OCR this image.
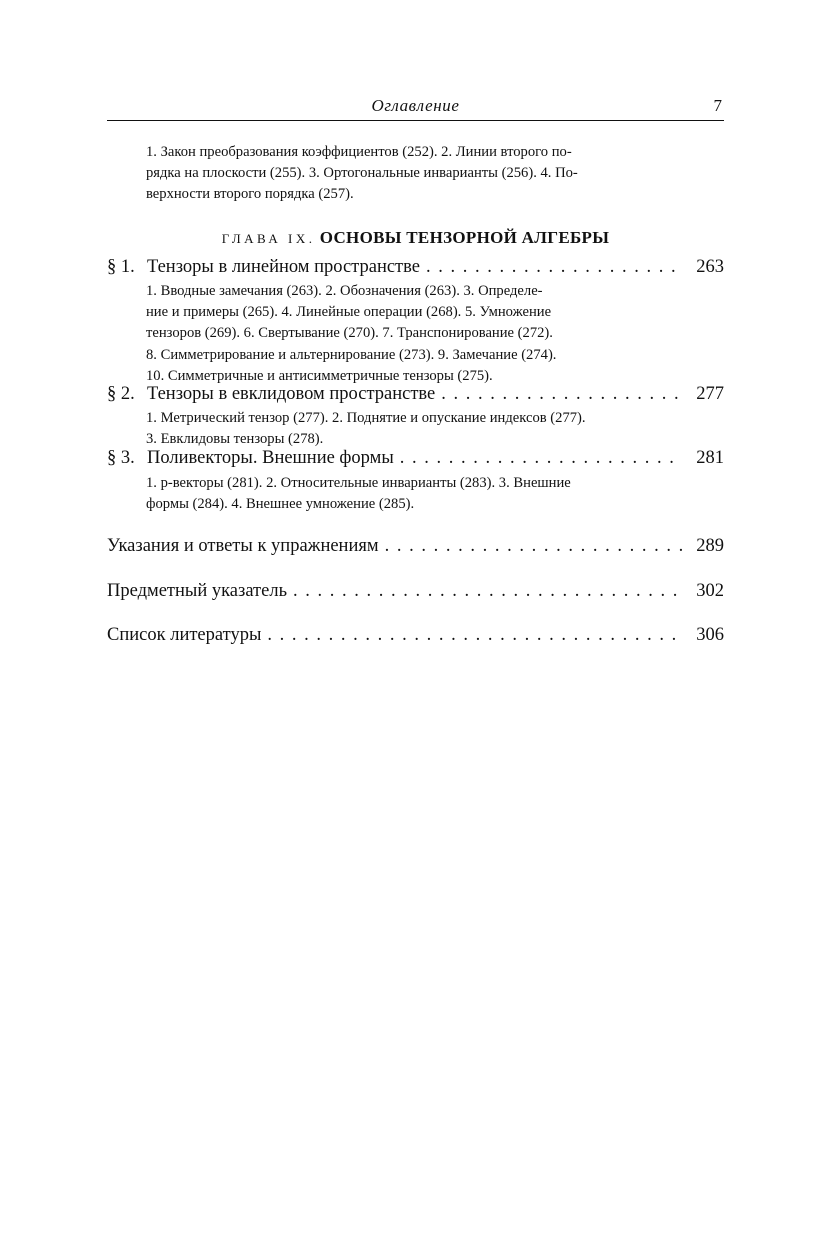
Оглавление	7
1. Закон преобразования коэффициентов (252). 2. Линии второго по-
рядка на плоскости (255). 3. Ортогональные инварианты (256). 4. По-
верхности второго порядка (257).
ГЛАВА IX. ОСНОВЫ ТЕНЗОРНОЙ АЛГЕБРЫ
§ 1. Тензоры в линейном пространстве . . .	263
1. Вводные замечания (263). 2. Обозначения (263). 3. Определе-
ние и примеры (265). 4. Линейные операции (268). 5. Умножение
тензоров (269). 6. Свертывание (270). 7. Транспонирование (272).
8. Симметрирование и альтернирование (273). 9. Замечание (274).
10. Симметричные и антисимметричные тензоры (275).
§ 2. Тензоры в евклидовом пространстве . . .	277
1. Метрический тензор (277). 2. Поднятие и опускание индексов (277).
3. Евклидовы тензоры (278).
§ 3. Поливекторы. Внешние формы . . .	281
1. p-векторы (281). 2. Относительные инварианты (283). 3. Внешние
формы (284). 4. Внешнее умножение (285).
Указания и ответы к упражнениям . . .	289
Предметный указатель . . .	302
Список литературы . . .	306
